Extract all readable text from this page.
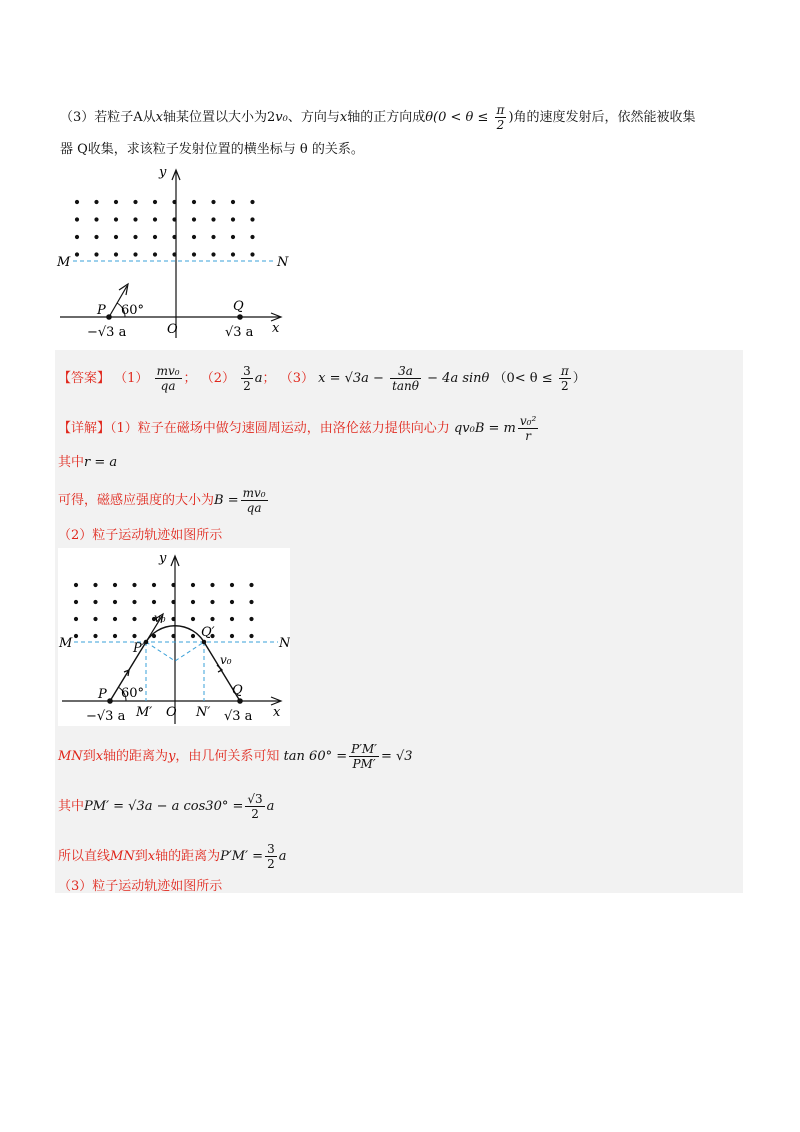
（3）若粒子A从x轴某位置以大小为2v₀、方向与x轴的正方向成$\theta(0 < \theta \le \frac{\pi}{2}$ )角的速度发射后，依然能被收集
器 Q收集，求该粒子发射位置的横坐标与 θ 的关系。
y
x
M	N
P 60°	Q
O
−√3 a	√3 a
【答案】 $(1) \frac{\text{mv₀}}{qa}$ ； $(2) \frac{3}{2}$ a； （3） $x = √3a - \frac{3a}{\tan\theta} - 4a$ sinθ （$0< \theta \le \frac{\pi}{2}$ ）
【详解】（1）粒子在磁场中做匀速圆周运动，由洛伦兹力提供向心力 qv₀B = m $\frac{\text{v₀²}}{r}$
其中r = a
可得，磁感应强度的大小为$B = \frac{\text{mv₀}}{qa}$
（2）粒子运动轨迹如图所示
y
x
M	N
P 60°
P′
Q′
v₀
v₀
Q
O
M′	N′
−√3 a	√3 a
MN到x轴的距离为y，由几何关系可知 $\tan 60^\circ = \frac{P'M'}{PM'} = √3$
其中PM′ = √3a − a $\cos 30^\circ = \frac{√3}{2}$ a
所以直线MN到x轴的距离为$P'M' = \frac{3}{2}$ a
（3）粒子运动轨迹如图所示
